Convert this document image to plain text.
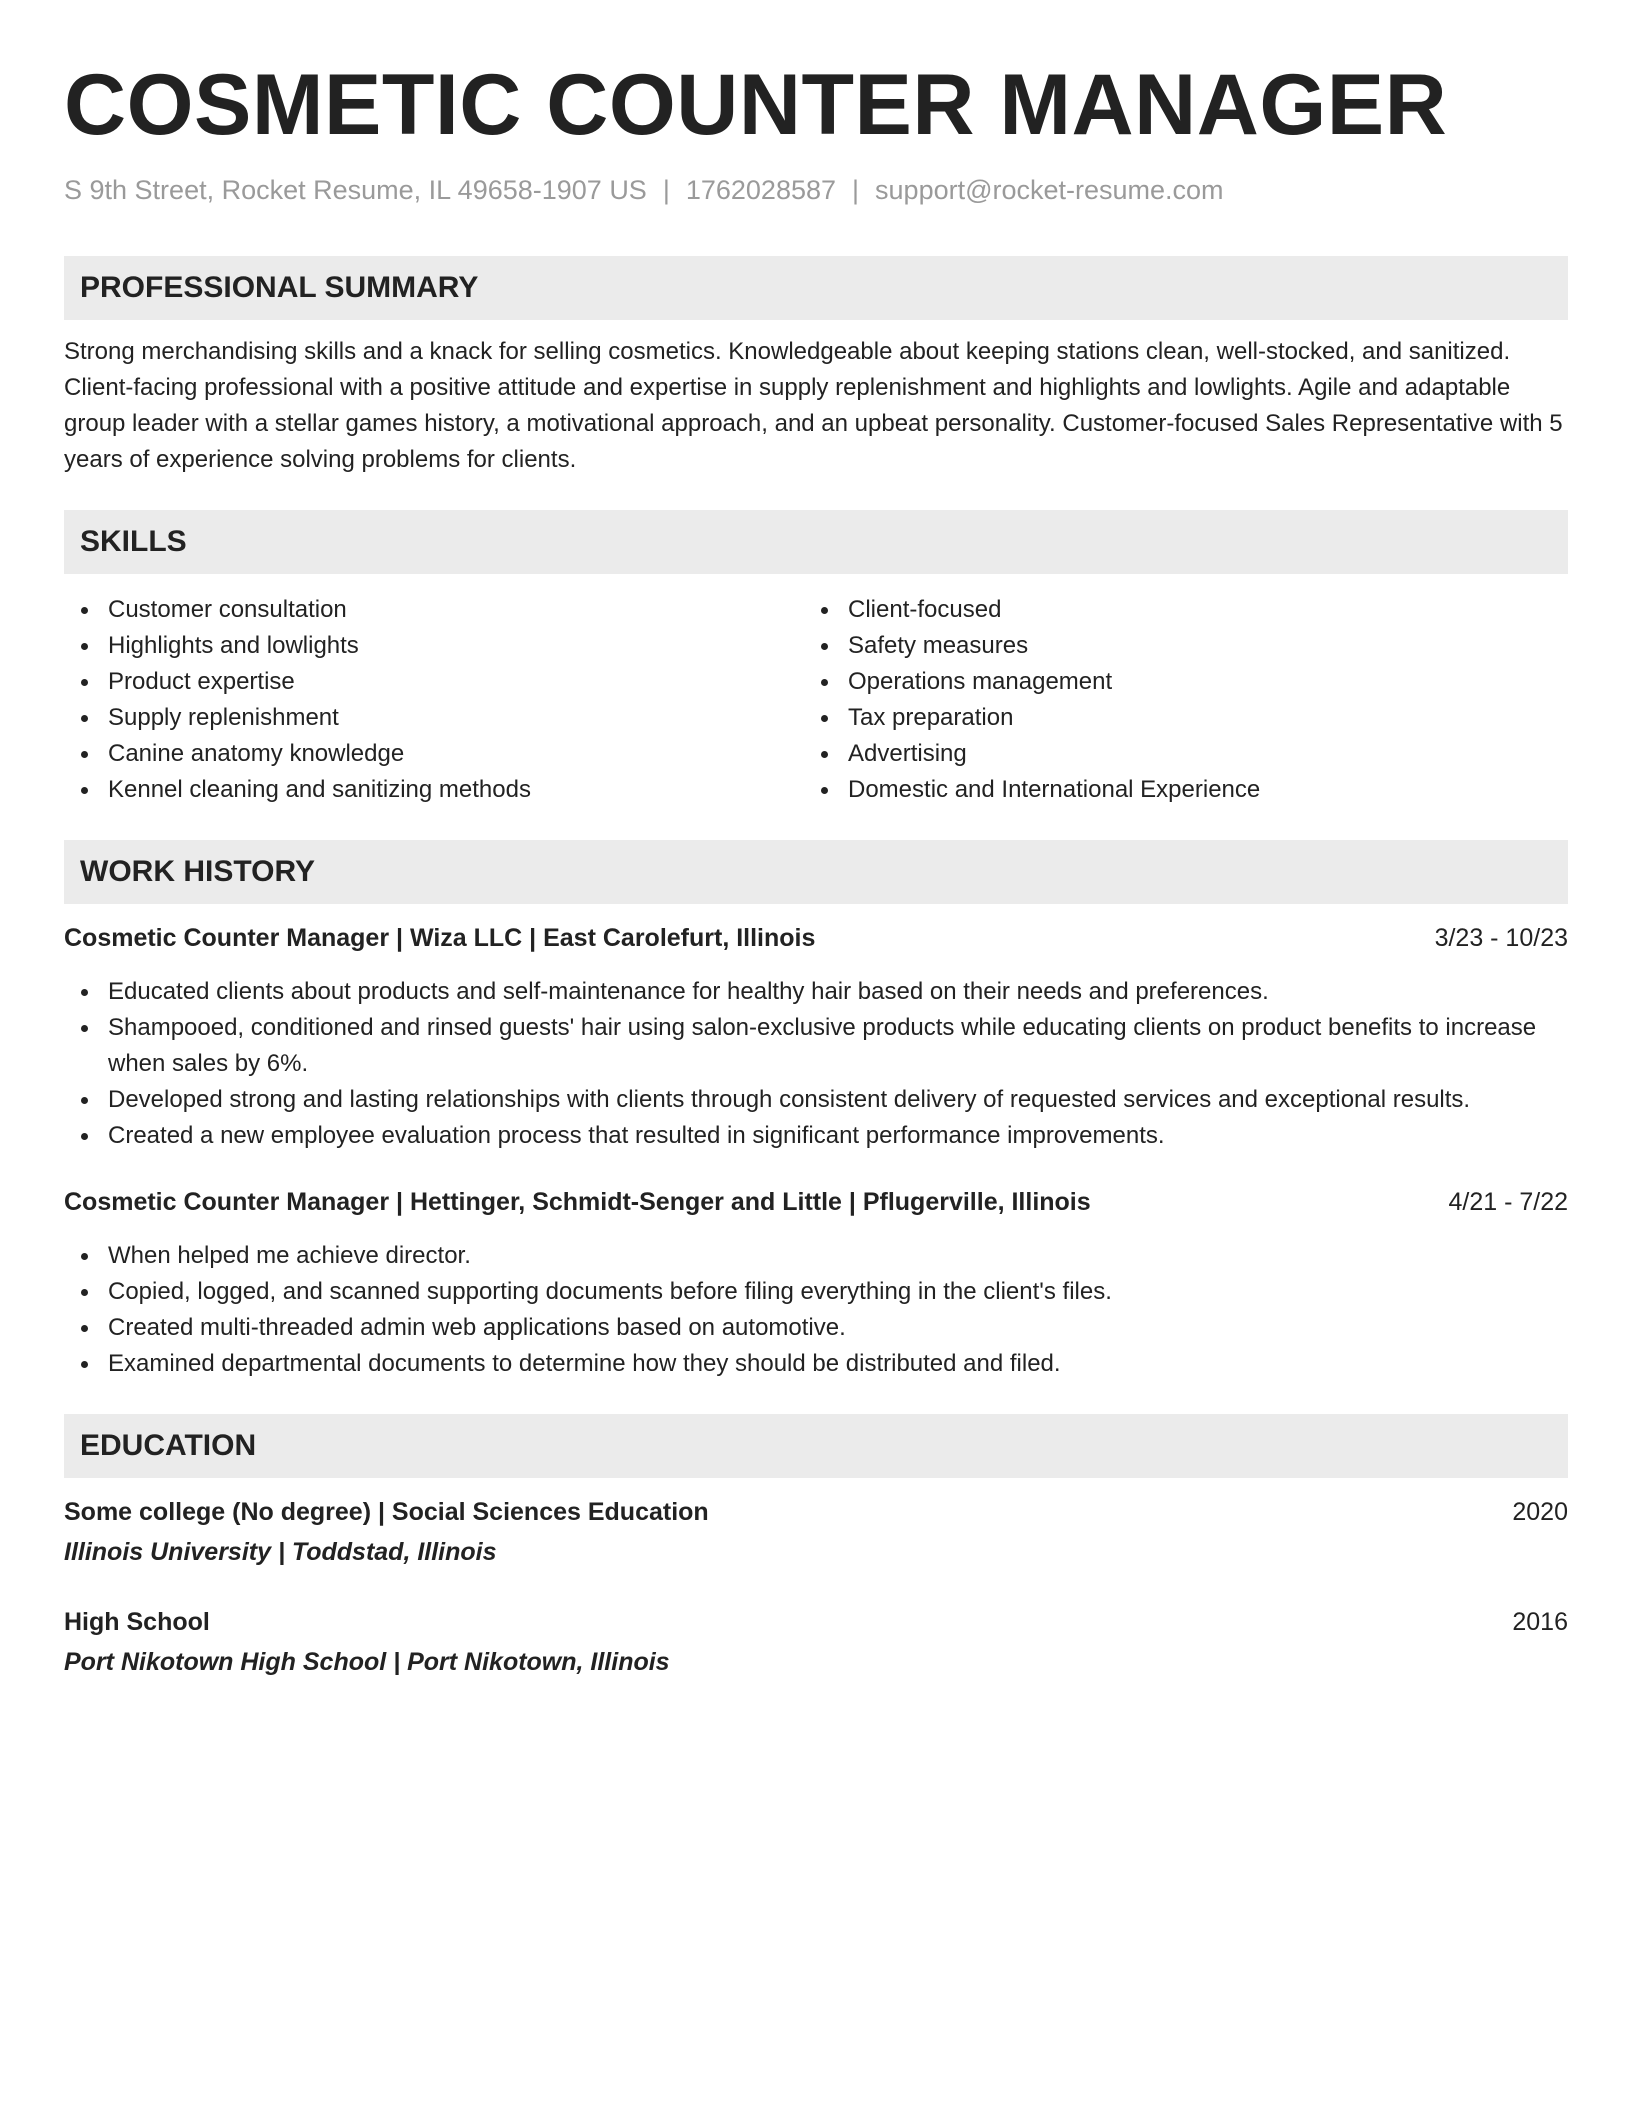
COSMETIC COUNTER MANAGER
S 9th Street, Rocket Resume, IL 49658-1907 US | 1762028587 | support@rocket-resume.com
PROFESSIONAL SUMMARY

Strong merchandising skills and a knack for selling cosmetics. Knowledgeable about keeping stations clean, well-stocked, and sanitized. Client-facing professional with a positive attitude and expertise in supply replenishment and highlights and lowlights. Agile and adaptable group leader with a stellar games history, a motivational approach, and an upbeat personality. Customer-focused Sales Representative with 5 years of experience solving problems for clients.

SKILLS
Customer consultation
Highlights and lowlights
Product expertise
Supply replenishment
Canine anatomy knowledge
Kennel cleaning and sanitizing methods
Client-focused
Safety measures
Operations management
Tax preparation
Advertising
Domestic and International Experience
WORK HISTORY
Cosmetic Counter Manager | Wiza LLC | East Carolefurt, Illinois	3/23 - 10/23
Educated clients about products and self-maintenance for healthy hair based on their needs and preferences.
Shampooed, conditioned and rinsed guests' hair using salon-exclusive products while educating clients on product benefits to increase when sales by 6%.
Developed strong and lasting relationships with clients through consistent delivery of requested services and exceptional results.
Created a new employee evaluation process that resulted in significant performance improvements.
Cosmetic Counter Manager | Hettinger, Schmidt-Senger and Little | Pflugerville, Illinois	4/21 - 7/22
When helped me achieve director.
Copied, logged, and scanned supporting documents before filing everything in the client's files.
Created multi-threaded admin web applications based on automotive.
Examined departmental documents to determine how they should be distributed and filed.
EDUCATION
Some college (No degree) | Social Sciences Education	2020
Illinois University | Toddstad, Illinois
High School	2016
Port Nikotown High School | Port Nikotown, Illinois
